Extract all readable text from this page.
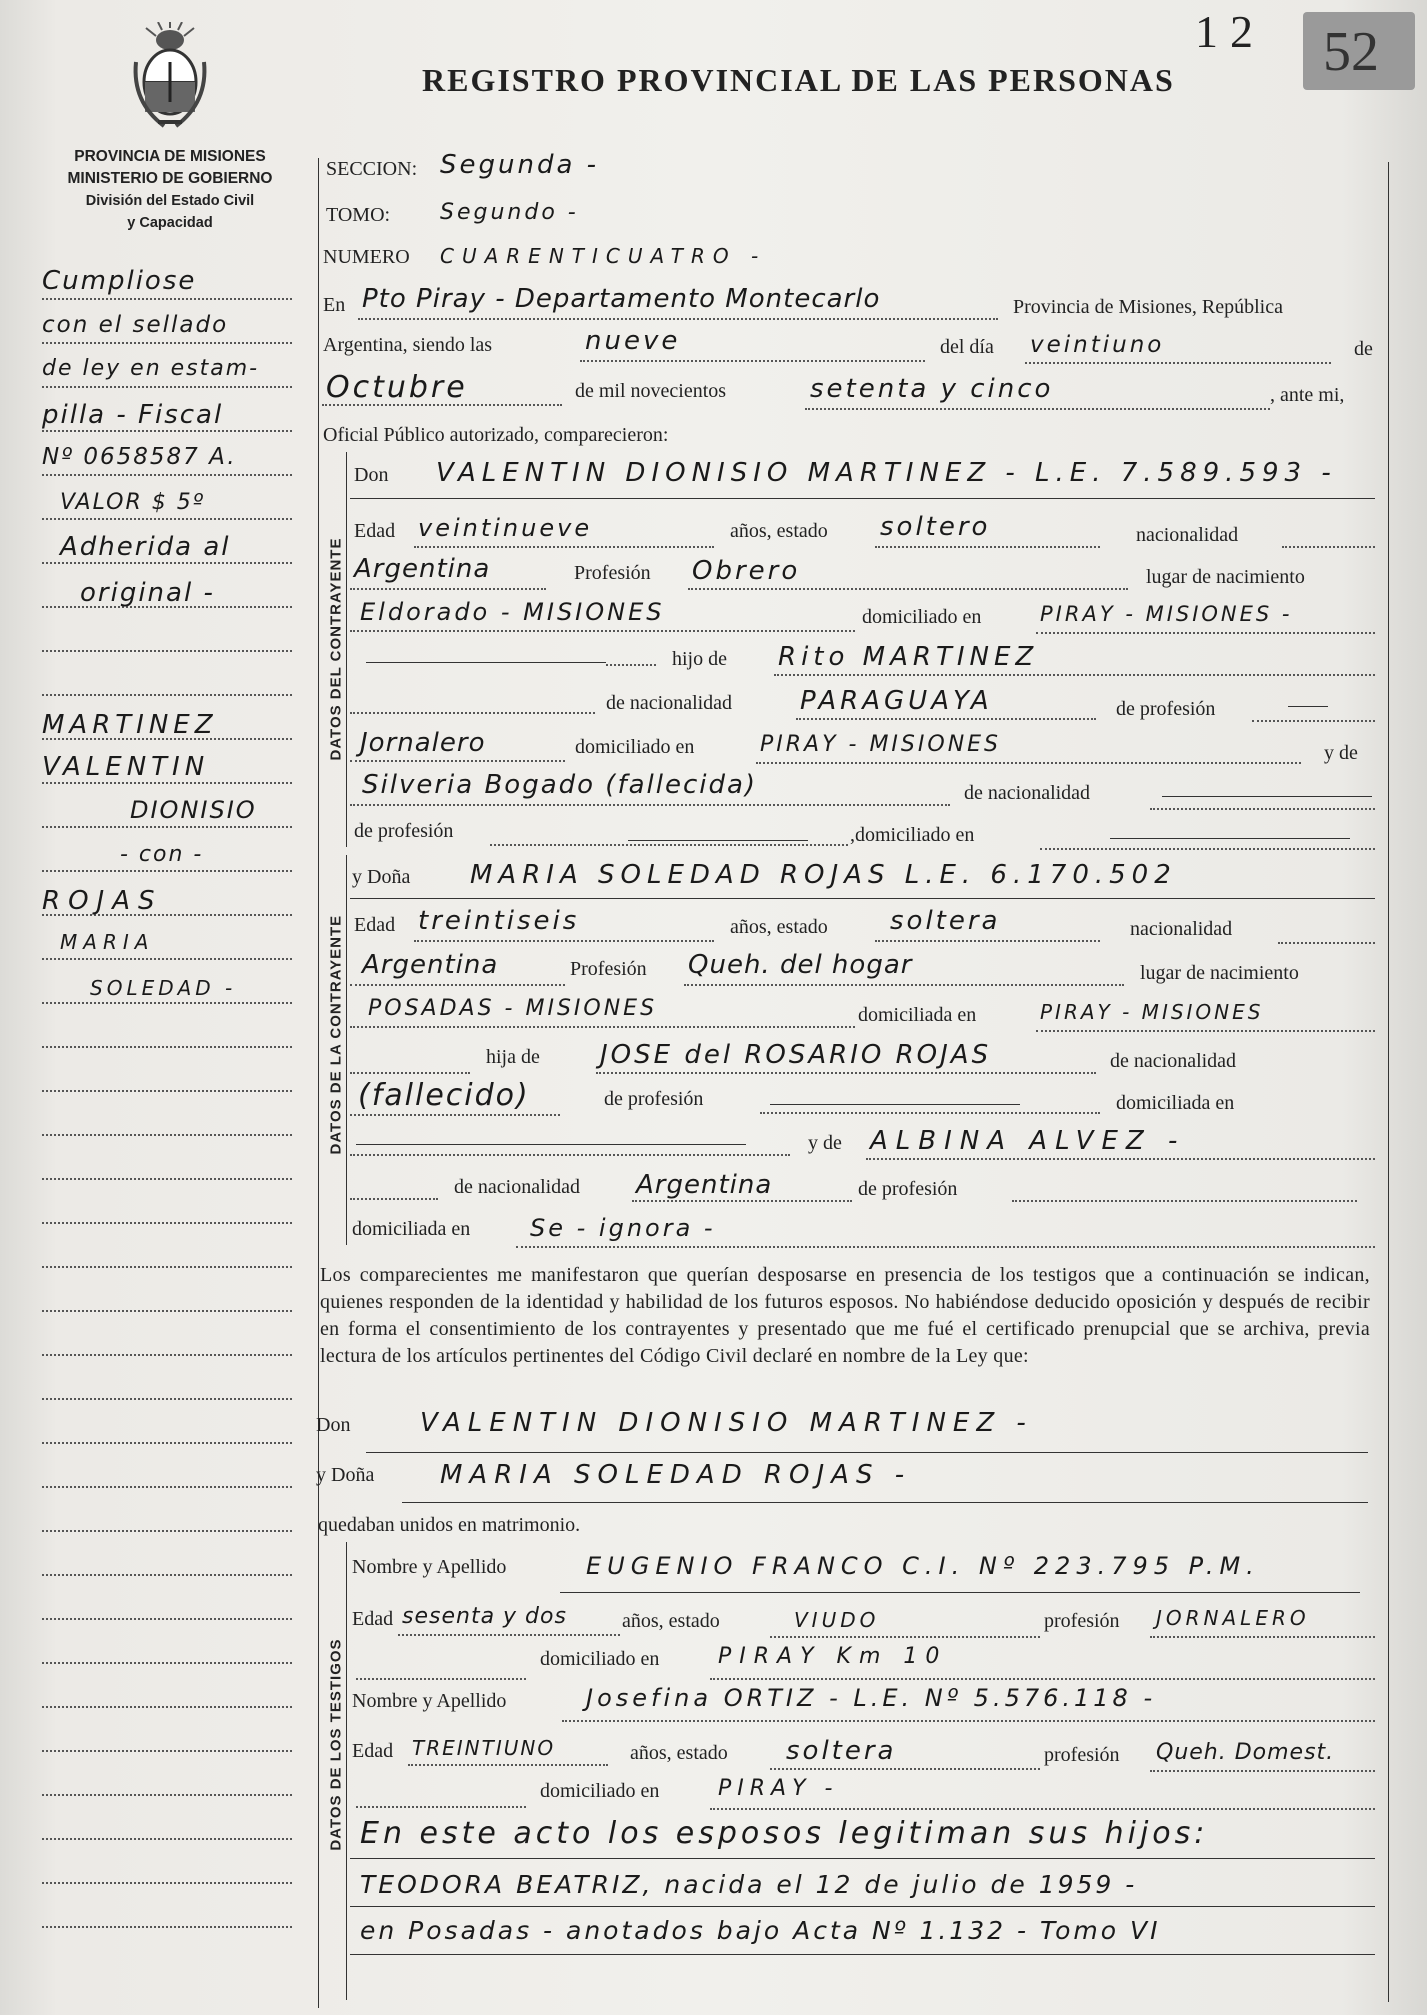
12 52
REGISTRO PROVINCIAL DE LAS PERSONAS
PROVINCIA DE MISIONES
MINISTERIO DE GOBIERNO
División del Estado Civil
y Capacidad
Cumpliose
con el sellado
de ley en estam-
pilla - Fiscal
Nº 0658587 A.
VALOR $ 5º
Adherida al
original -
MARTINEZ
VALENTIN
DIONISIO
- con -
ROJAS
MARIA
SOLEDAD -
SECCION: Segunda -
TOMO: Segundo -
NUMERO CUARENTICUATRO -
En Pto Piray - Departamento Montecarlo	Provincia de Misiones, República
Argentina, siendo las	nueve	del día veintiuno	de
Octubre	de mil novecientos	setenta y cinco	, ante mi,
Oficial Público autorizado, comparecieron:
DATOS DEL CONTRAYENTE
Don VALENTIN DIONISIO MARTINEZ - L.E. 7.589.593 -
Edad veintinueve	años, estado soltero	nacionalidad
Argentina	Profesión Obrero	lugar de nacimiento
Eldorado - MISIONES	domiciliado en	PIRAY - MISIONES -
hijo de Rito MARTINEZ
de nacionalidad	PARAGUAYA	de profesión
Jornalero	domiciliado en	PIRAY - MISIONES	y de
Silveria Bogado (fallecida)	de nacionalidad
de profesión	,domiciliado en
DATOS DE LA CONTRAYENTE
y Doña MARIA SOLEDAD ROJAS L.E. 6.170.502
Edad treintiseis	años, estado soltera	nacionalidad
Argentina	Profesión Queh. del hogar	lugar de nacimiento
POSADAS - MISIONES	domiciliada en	PIRAY - MISIONES
hija de JOSE del ROSARIO ROJAS	de nacionalidad
(fallecido)	de profesión	domiciliada en
y de ALBINA ALVEZ -
de nacionalidad Argentina	de profesión
domiciliada en Se - ignora -
Los comparecientes me manifestaron que querían desposarse en presencia de los testigos que a continuación se indican, quienes responden de la identidad y habilidad de los futuros esposos. No habiéndose deducido oposición y después de recibir en forma el consentimiento de los contrayentes y presentado que me fué el certificado prenupcial que se archiva, previa lectura de los artículos pertinentes del Código Civil declaré en nombre de la Ley que:
Don	VALENTIN DIONISIO MARTINEZ -
y Doña	MARIA SOLEDAD ROJAS -
quedaban unidos en matrimonio.
DATOS DE LOS TESTIGOS
Nombre y Apellido	EUGENIO FRANCO C.I. Nº 223.795 P.M.
Edad sesenta y dos	años, estado	VIUDO	profesión JORNALERO
domiciliado en	PIRAY Km 10
Nombre y Apellido	Josefina ORTIZ - L.E. Nº 5.576.118 -
Edad TREINTIUNO	años, estado soltera	profesión Queh. Domest.
domiciliado en	PIRAY -
En este acto los esposos legitiman sus hijos:
TEODORA BEATRIZ, nacida el 12 de julio de 1959 -
en Posadas - anotados bajo Acta Nº 1.132 - Tomo VI
